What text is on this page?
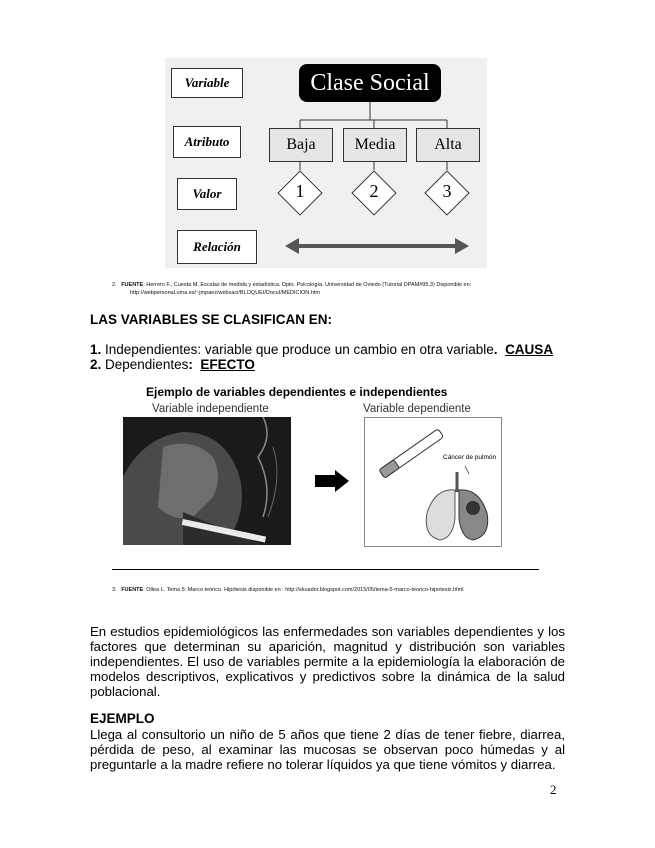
Variable
Atributo
Valor
Relación
Clase Social
Baja	Media	Alta
1	2	3
2. FUENTE: Herrero F., Cuesta M. Escalas de medida y estadística. Dpto. Psicología. Universidad de Oviedo (Tutorial DPAM#95.3) Disponible en:
http://webpersonal.uma.es/~jmpaez/websaci/BLOQUEI/DocuI/MEDICION.htm
LAS VARIABLES SE CLASIFICAN EN:
1. Independientes: variable que produce un cambio en otra variable. CAUSA
2. Dependientes: EFECTO
Ejemplo de variables dependientes e independientes
Variable independiente	Variable dependiente
Cáncer de pulmón
3. FUENTE: Ollea L. Tema 5: Marco teórico. Hipótesis disponible en : http://skuador.blogspot.com/2015/05/tema-5-marco-teorico-hipotesis.html
En estudios epidemiológicos las enfermedades son variables dependientes y los factores que determinan su aparición, magnitud y distribución son variables independientes. El uso de variables permite a la epidemiología la elaboración de modelos descriptivos, explicativos y predictivos sobre la dinámica de la salud poblacional.
EJEMPLO
Llega al consultorio un niño de 5 años que tiene 2 días de tener fiebre, diarrea, pérdida de peso, al examinar las mucosas se observan poco húmedas y al preguntarle a la madre refiere no tolerar líquidos ya que tiene vómitos y diarrea.
2
